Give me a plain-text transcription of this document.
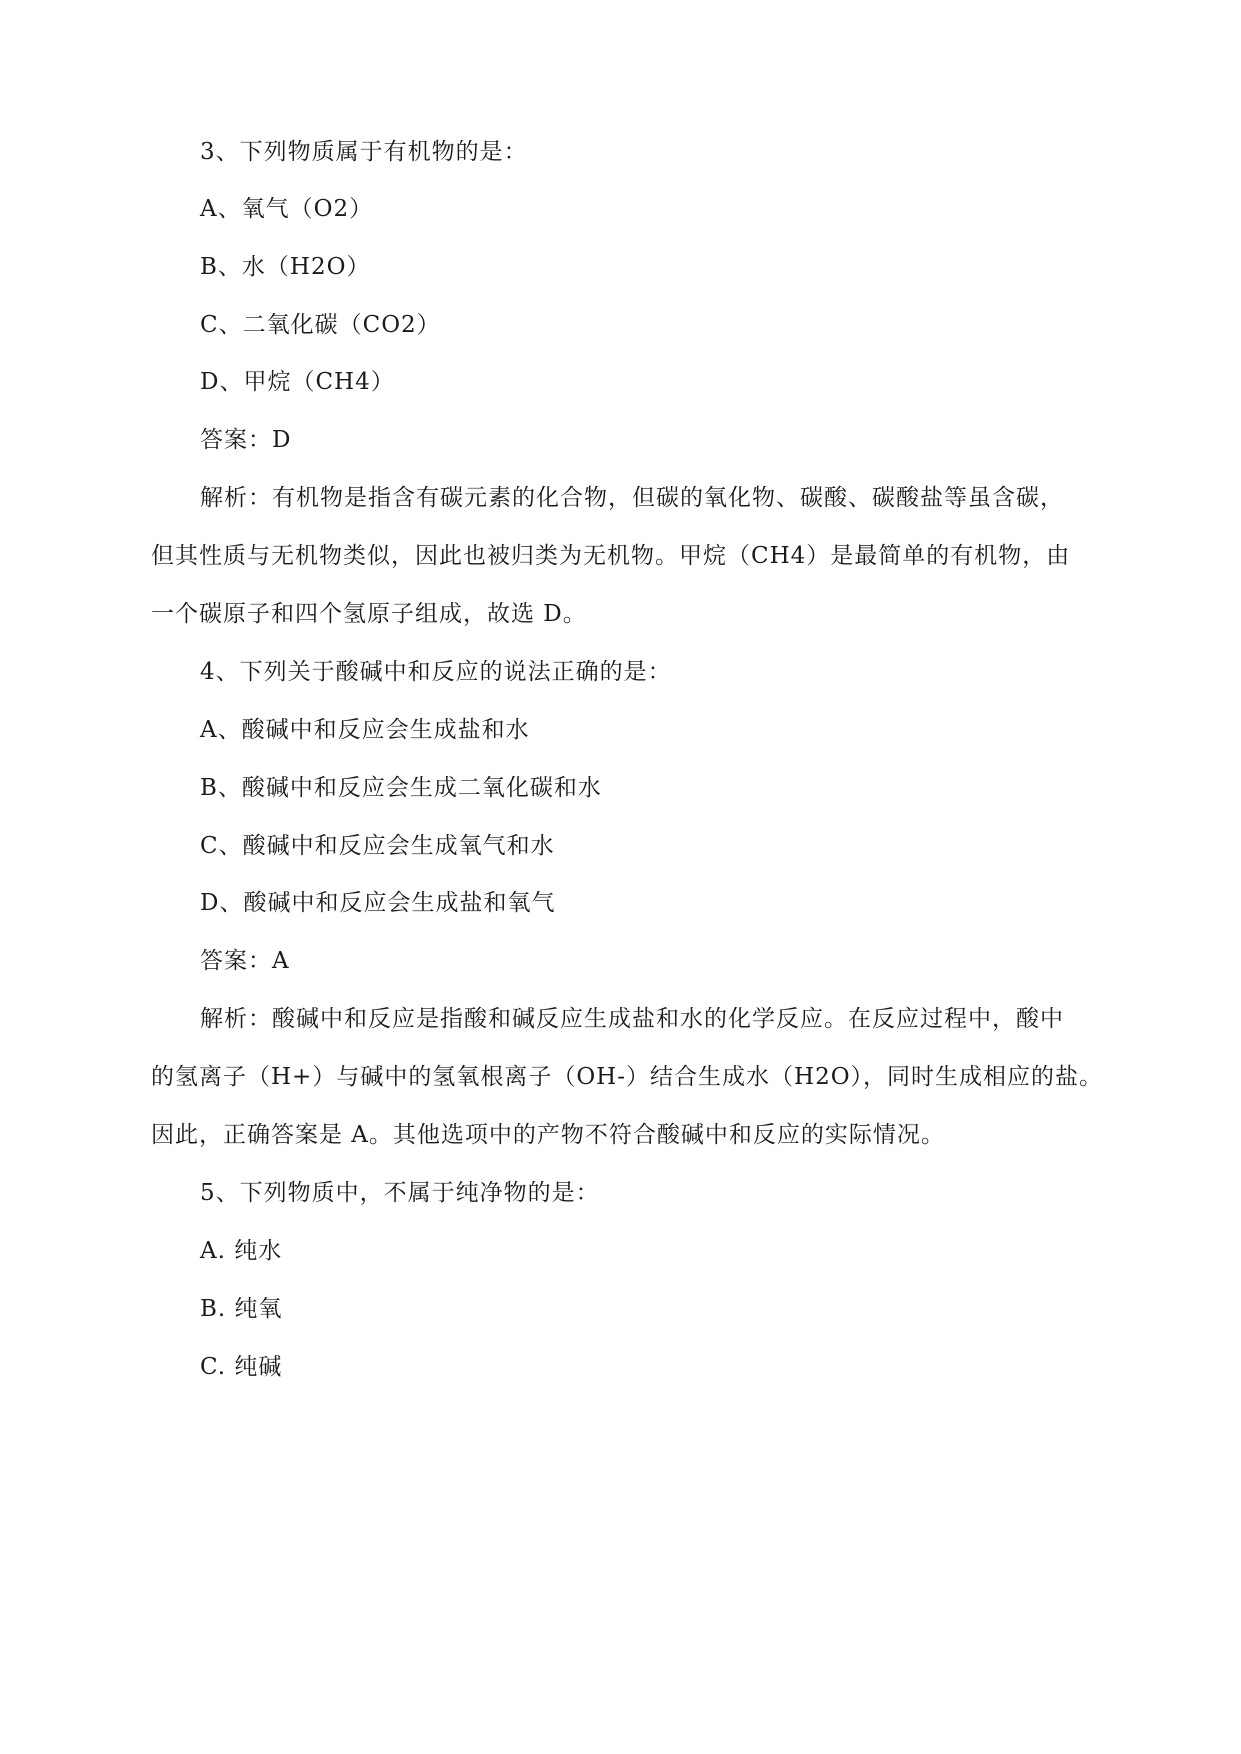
3、下列物质属于有机物的是：
A、氧气（O2）
B、水（H2O）
C、二氧化碳（CO2）
D、甲烷（CH4）
答案：D
解析：有机物是指含有碳元素的化合物，但碳的氧化物、碳酸、碳酸盐等虽含碳，
但其性质与无机物类似，因此也被归类为无机物。甲烷（CH4）是最简单的有机物，由
一个碳原子和四个氢原子组成，故选 D。
4、下列关于酸碱中和反应的说法正确的是：
A、酸碱中和反应会生成盐和水
B、酸碱中和反应会生成二氧化碳和水
C、酸碱中和反应会生成氧气和水
D、酸碱中和反应会生成盐和氧气
答案：A
解析：酸碱中和反应是指酸和碱反应生成盐和水的化学反应。在反应过程中，酸中
的氢离子（H+）与碱中的氢氧根离子（OH-）结合生成水（H2O），同时生成相应的盐。
因此，正确答案是 A。其他选项中的产物不符合酸碱中和反应的实际情况。
5、下列物质中，不属于纯净物的是：
A. 纯水
B. 纯氧
C. 纯碱
